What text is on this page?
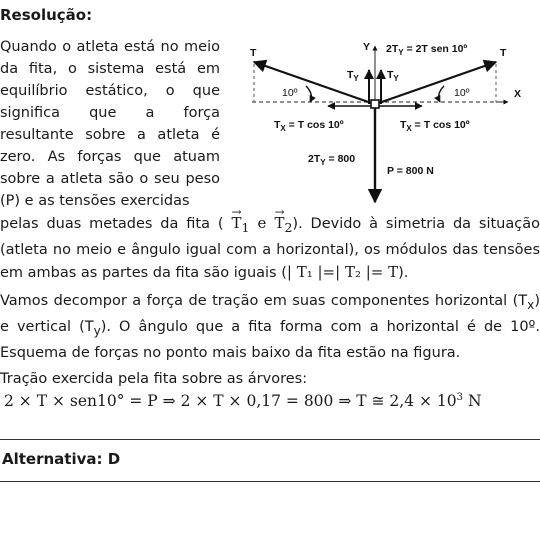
Resolução:
Quando o atleta está no meio da fita, o sistema está em equilíbrio estático, o que significa que a força resultante sobre a atleta é zero. As forças que atuam sobre a atleta são o seu peso (P) e as tensões exercidas
X
Y
T	T
$T_Y$	$T_Y$
10º	10º
$T_X = T$ cos 10º	$T_X = T$ cos 10º
$2T_Y = 2T$ sen 10º
$2T_Y = 800$
P = 800 N
pelas duas metades da fita ( → $T_1$ $e \to T_2$). Devido à simetria da situação (atleta no meio e ângulo igual com a horizontal), os módulos das tensões em ambas as partes da fita são iguais (| T₁ |=| T₂ |= T).
Vamos decompor a força de tração em suas componentes horizontal $(T_x)$ e vertical $(T_y)$. O ângulo que a fita forma com a horizontal é de 10º. Esquema de forças no ponto mais baixo da fita estão na figura.
Tração exercida pela fita sobre as árvores:
2 × T × sen10° = P ⇒ 2 × T × 0,17 = 800 ⇒ T ≅ $2,4 \times 10^3$ N
Alternativa: D
